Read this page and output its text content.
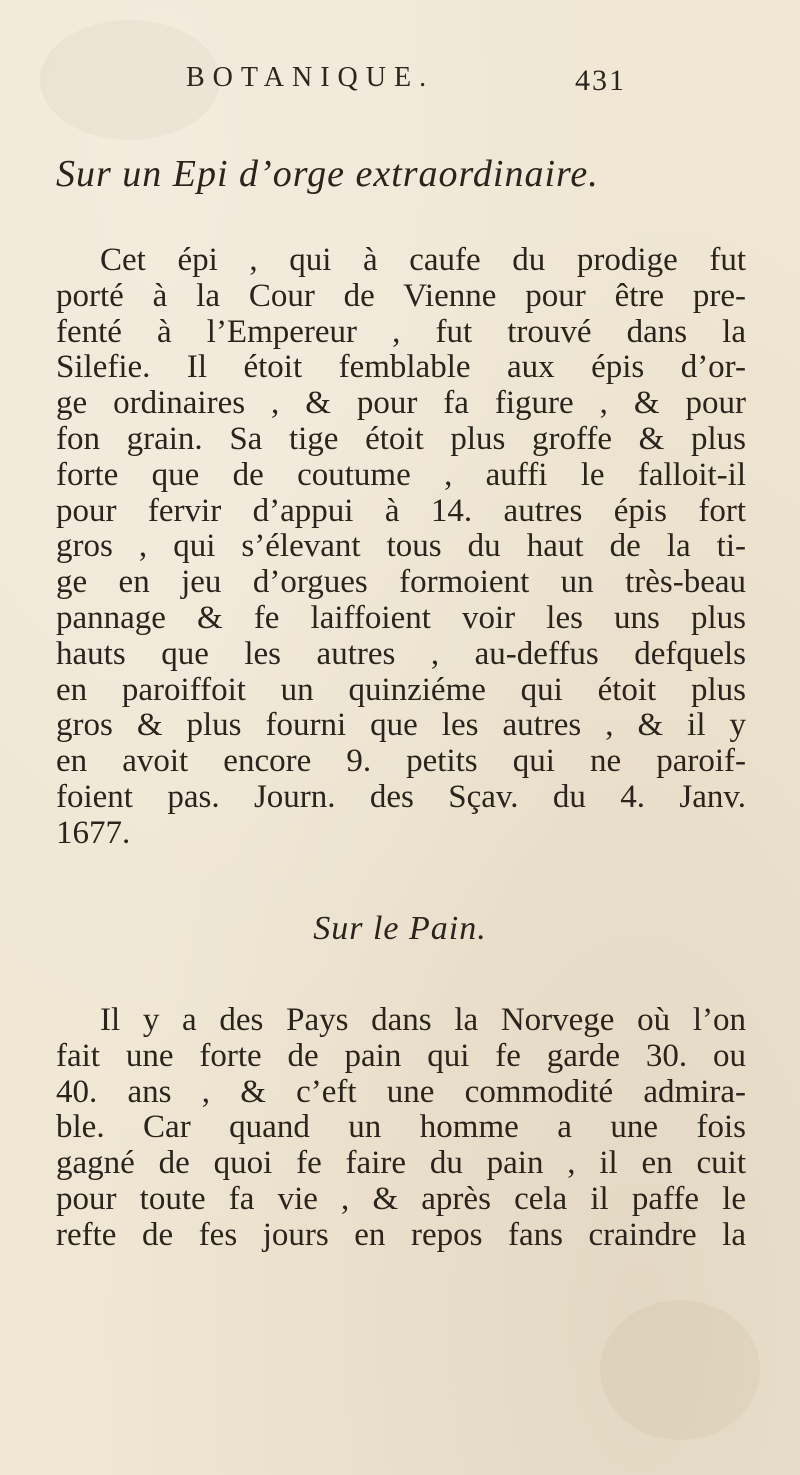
BOTANIQUE.	431
Sur un Epi d’orge extraordinaire.
Cet épi , qui à caufe du prodige fut
porté à la Cour de Vienne pour être pre-
fenté à l’Empereur , fut trouvé dans la
Silefie. Il étoit femblable aux épis d’or-
ge ordinaires , & pour fa figure , & pour
fon grain. Sa tige étoit plus groffe & plus
forte que de coutume , auffi le falloit-il
pour fervir d’appui à 14. autres épis fort
gros , qui s’élevant tous du haut de la ti-
ge en jeu d’orgues formoient un très-beau
pannage & fe laiffoient voir les uns plus
hauts que les autres , au-deffus defquels
en paroiffoit un quinziéme qui étoit plus
gros & plus fourni que les autres , & il y
en avoit encore 9. petits qui ne paroif-
foient pas. Journ. des Sçav. du 4. Janv.
1677.
Sur le Pain.
Il y a des Pays dans la Norvege où l’on
fait une forte de pain qui fe garde 30. ou
40. ans , & c’eft une commodité admira-
ble. Car quand un homme a une fois
gagné de quoi fe faire du pain , il en cuit
pour toute fa vie , & après cela il paffe le
refte de fes jours en repos fans craindre la
